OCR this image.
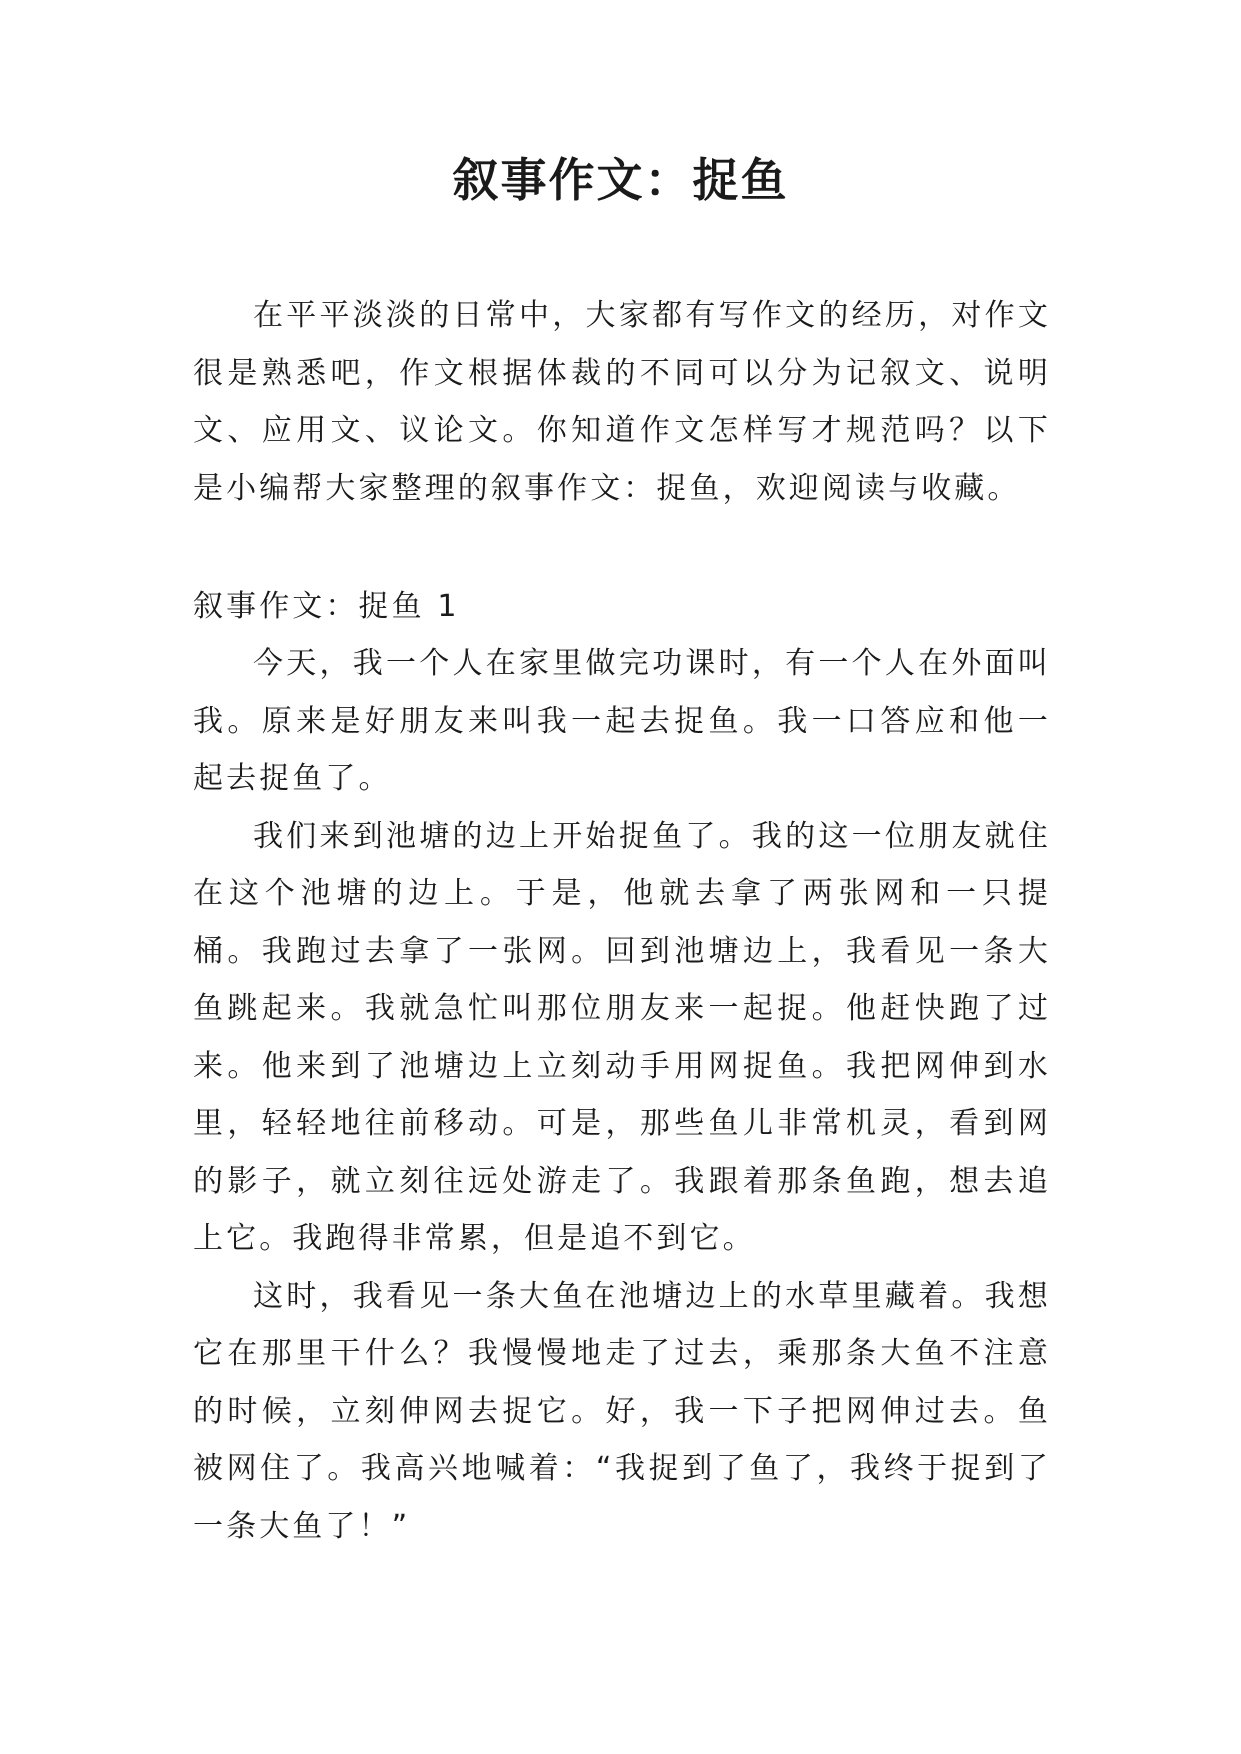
叙事作文：捉鱼

在平平淡淡的日常中，大家都有写作文的经历，对作文很是熟悉吧，作文根据体裁的不同可以分为记叙文、说明文、应用文、议论文。你知道作文怎样写才规范吗？以下是小编帮大家整理的叙事作文：捉鱼，欢迎阅读与收藏。

叙事作文：捉鱼 1

今天，我一个人在家里做完功课时，有一个人在外面叫我。原来是好朋友来叫我一起去捉鱼。我一口答应和他一起去捉鱼了。

我们来到池塘的边上开始捉鱼了。我的这一位朋友就住在这个池塘的边上。于是，他就去拿了两张网和一只提桶。我跑过去拿了一张网。回到池塘边上，我看见一条大鱼跳起来。我就急忙叫那位朋友来一起捉。他赶快跑了过来。他来到了池塘边上立刻动手用网捉鱼。我把网伸到水里，轻轻地往前移动。可是，那些鱼儿非常机灵，看到网的影子，就立刻往远处游走了。我跟着那条鱼跑，想去追上它。我跑得非常累，但是追不到它。

这时，我看见一条大鱼在池塘边上的水草里藏着。我想它在那里干什么？我慢慢地走了过去，乘那条大鱼不注意的时候，立刻伸网去捉它。好，我一下子把网伸过去。鱼被网住了。我高兴地喊着：“我捉到了鱼了，我终于捉到了一条大鱼了！”
